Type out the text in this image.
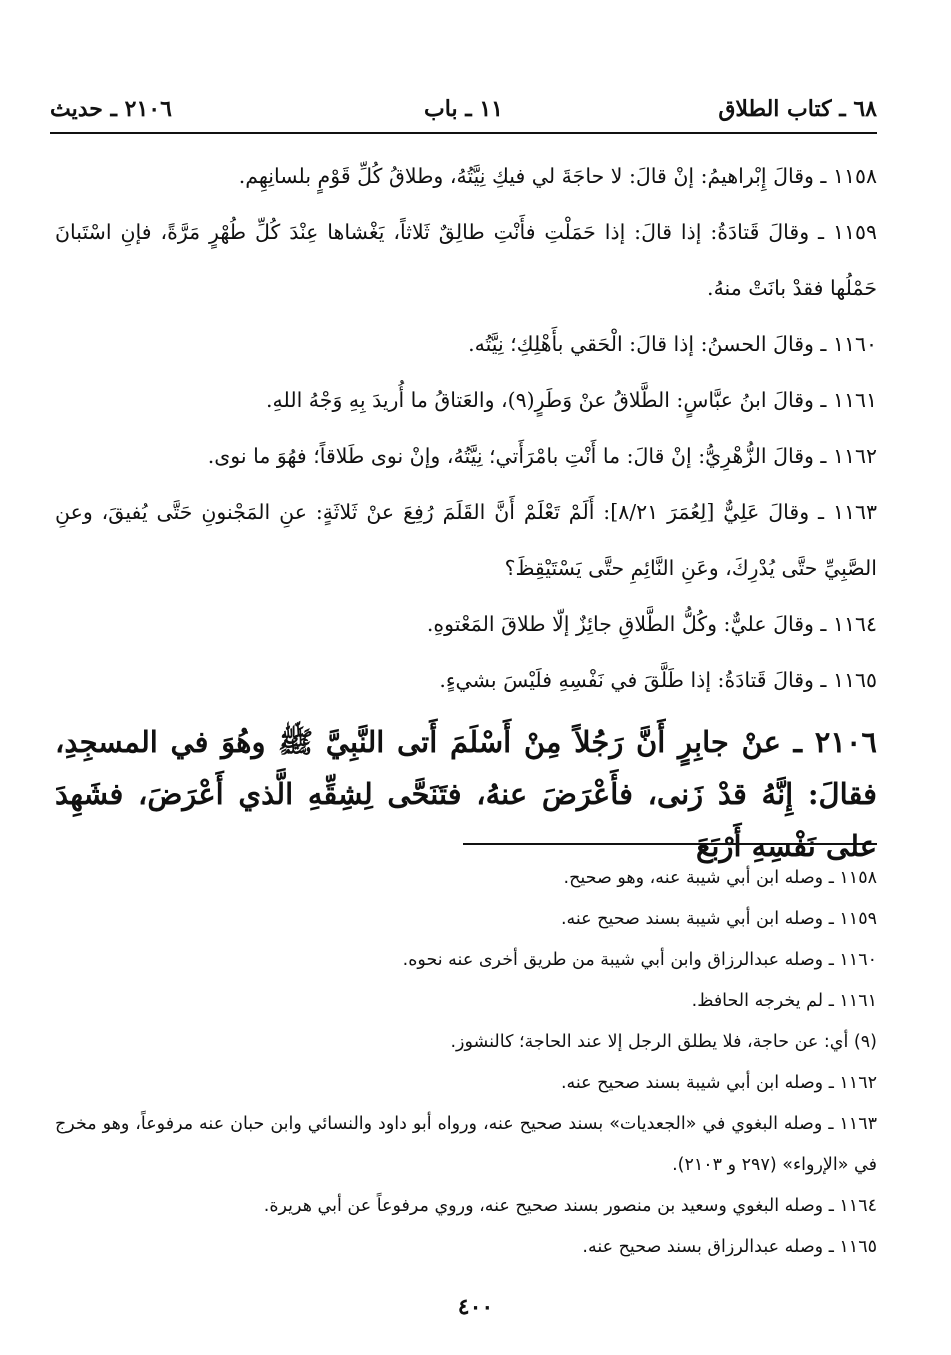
٦٨ ـ كتاب الطلاق
١١ ـ باب
٢١٠٦ ـ حديث

١١٥٨ ـ وقالَ إِبْراهيمُ: إنْ قالَ: لا حاجَةَ لي فيكِ نِيَّتُهُ، وطلاقُ كُلِّ قَوْمٍ بلسانِهِم.

١١٥٩ ـ وقالَ قَتادَةُ: إذا قالَ: إذا حَمَلْتِ فأَنْتِ طالِقٌ ثَلاثاً، يَغْشاها عِنْدَ كُلِّ طُهْرٍ مَرَّةً، فإنِ اسْتَبانَ حَمْلُها فقدْ بانَتْ منهُ.

١١٦٠ ـ وقالَ الحسنُ: إذا قالَ: الْحَقي بأَهْلِكِ؛ نِيَّتُه.

١١٦١ ـ وقالَ ابنُ عبَّاسٍ: الطَّلاقُ عنْ وَطَرٍ(٩)، والعَتاقُ ما أُريدَ بِهِ وَجْهُ اللهِ.

١١٦٢ ـ وقالَ الزُّهْرِيُّ: إنْ قالَ: ما أَنْتِ بامْرَأَتي؛ نِيَّتُهُ، وإنْ نوى طَلاقاً؛ فهُوَ ما نوى.

١١٦٣ ـ وقالَ عَلِيٌّ [لِعُمَرَ ٨/٢١]: أَلَمْ تَعْلَمْ أَنَّ القَلَمَ رُفِعَ عنْ ثَلاثَةٍ: عنِ المَجْنونِ حَتَّى يُفيقَ، وعنِ الصَّبِيِّ حتَّى يُدْرِكَ، وعَنِ النَّائِمِ حتَّى يَسْتَيْقِظَ؟

١١٦٤ ـ وقالَ عليٌّ: وكُلُّ الطَّلاقِ جائِزٌ إلّا طلاقَ المَعْتوهِ.

١١٦٥ ـ وقالَ قَتادَةُ: إذا طَلَّقَ في نَفْسِهِ فلَيْسَ بشيءٍ.

٢١٠٦ ـ عنْ جابِرٍ أَنَّ رَجُلاً مِنْ أَسْلَمَ أَتى النَّبِيَّ ﷺ وهُوَ في المسجِدِ، فقالَ: إِنَّهُ قدْ زَنى، فأَعْرَضَ عنهُ، فتَنَحَّى لِشِقِّهِ الَّذي أَعْرَضَ، فشَهِدَ على نَفْسِهِ أَرْبَعَ

١١٥٨ ـ وصله ابن أبي شيبة عنه، وهو صحيح.

١١٥٩ ـ وصله ابن أبي شيبة بسند صحيح عنه.

١١٦٠ ـ وصله عبدالرزاق وابن أبي شيبة من طريق أخرى عنه نحوه.

١١٦١ ـ لم يخرجه الحافظ.

(٩) أي: عن حاجة، فلا يطلق الرجل إلا عند الحاجة؛ كالنشوز.

١١٦٢ ـ وصله ابن أبي شيبة بسند صحيح عنه.

١١٦٣ ـ وصله البغوي في «الجعديات» بسند صحيح عنه، ورواه أبو داود والنسائي وابن حبان عنه مرفوعاً، وهو مخرج في «الإرواء» (٢٩٧ و ٢١٠٣).

١١٦٤ ـ وصله البغوي وسعيد بن منصور بسند صحيح عنه، وروي مرفوعاً عن أبي هريرة.

١١٦٥ ـ وصله عبدالرزاق بسند صحيح عنه.

٤٠٠
